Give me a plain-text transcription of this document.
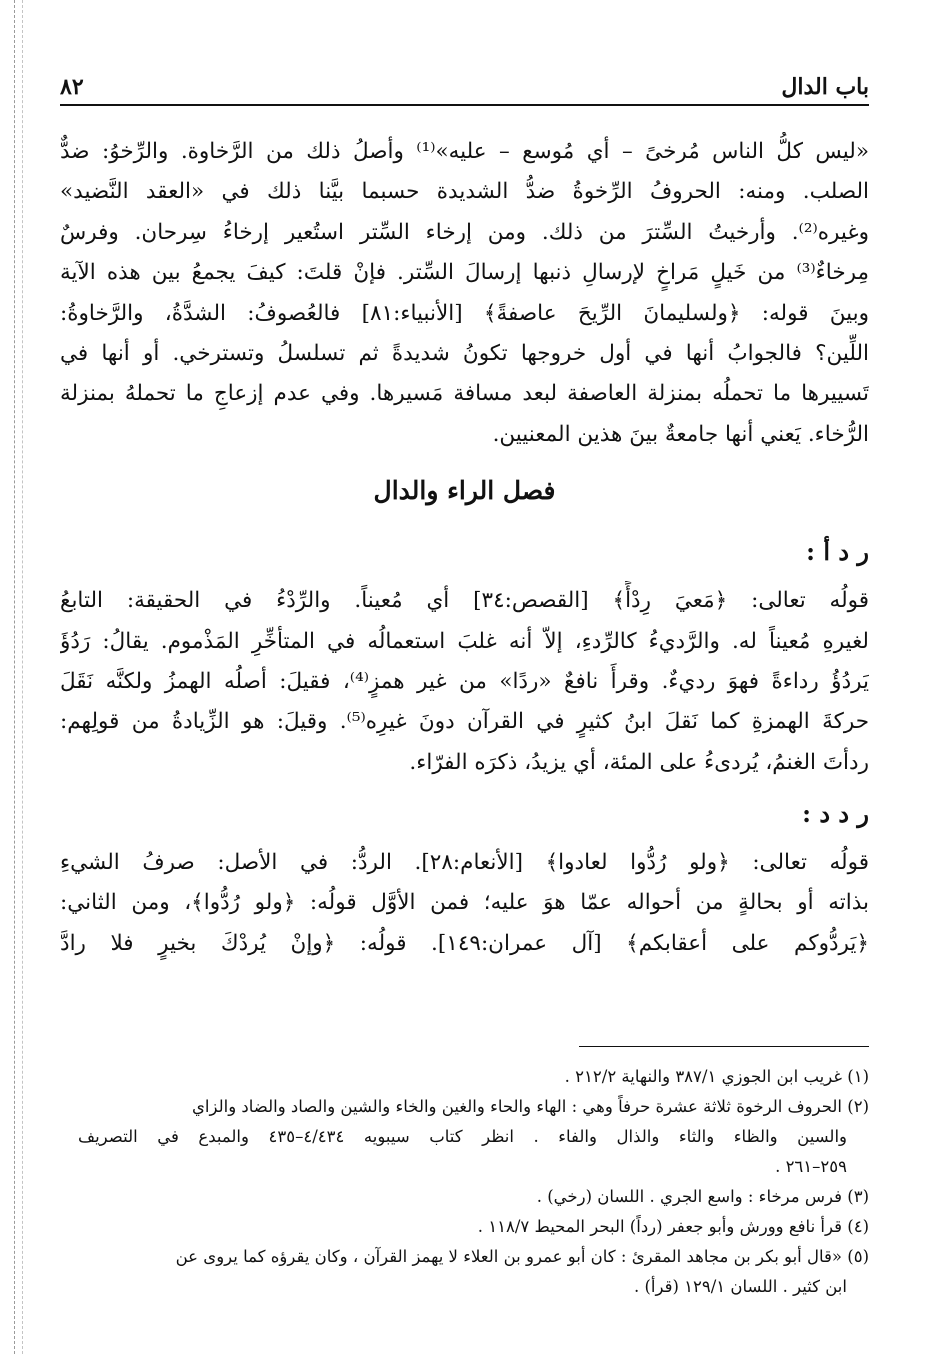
باب الدال
٨٢
«ليس كلُّ الناس مُرخىً – أي مُوسع – عليه»⁽¹⁾ وأصلُ ذلك من الرَّخاوة. والرِّخوُ: ضدٌّ
الصلب. ومنه: الحروفُ الرِّخوةُ ضدُّ الشديدة حسبما بيَّنا ذلك في «العقد النَّضيد»
وغيره⁽²⁾. وأرخيتُ السِّترَ من ذلك. ومن إرخاء السِّتر استُعير إرخاءُ سِرحان. وفرسٌ
مِرخاءٌ⁽³⁾ من خَيلٍ مَراخٍ لإرسالِ ذنبها إرسالَ السِّتر. فإنْ قلتَ: كيفَ يجمعُ بين هذه الآية
وبينَ قوله: ﴿ولسليمانَ الرِّيحَ عاصفةً﴾ [الأنبياء:٨١] فالعُصوفُ: الشدَّةُ، والرَّخاوةُ:
اللِّين؟ فالجوابُ أنها في أول خروجها تكونُ شديدةً ثم تسلسلُ وتسترخي. أو أنها في
تَسييرها ما تحملُه بمنزلة العاصفة لبعد مسافة مَسيرها. وفي عدم إزعاجِ ما تحملهُ بمنزلة
الرُّخاء. يَعني أنها جامعةٌ بينَ هذين المعنيين.
فصل الراء والدال
ر د أ :
قولُه تعالى: ﴿مَعيَ رِدْأً﴾ [القصص:٣٤] أي مُعيناً. والرِّدْءُ في الحقيقة: التابعُ
لغيرهِ مُعيناً له. والرَّديءُ كالرِّدءِ، إلاّ أنه غلبَ استعمالُه في المتأخِّرِ المَذْموم. يقالُ: رَدُؤَ
يَردُؤُ رداءةً فهوَ رديءٌ. وقرأَ نافعٌ «ردًا» من غير همزٍ⁽⁴⁾، فقيلَ: أصلُه الهمزُ ولكنَّه نَقَلَ
حركةَ الهمزةِ كما نَقلَ ابنُ كثيرٍ في القرآن دونَ غيرِه⁽⁵⁾. وقيلَ: هو الزِّيادةُ من قولِهم:
ردأتَ الغنمُ، يُردىءُ على المئة، أي يزيدُ، ذكرَه الفرّاء.
ر د د :
قولُه تعالى: ﴿ولو رُدُّوا لعادوا﴾ [الأنعام:٢٨]. الردُّ: في الأصل: صرفُ الشيءِ
بذاته أو بحالةٍ من أحواله عمّا هوَ عليه؛ فمن الأوَّل قولُه: ﴿ولو رُدُّوا﴾، ومن الثاني:
﴿يَردُّوكم على أعقابكم﴾ [آل عمران:١٤٩]. قولُه: ﴿وإنْ يُردْكَ بخيرٍ فلا رادَّ
(١) غريب ابن الجوزي ٣٨٧/١ والنهاية ٢١٢/٢ .
(٢) الحروف الرخوة ثلاثة عشرة حرفاً وهي : الهاء والحاء والغين والخاء والشين والصاد والضاد والزاي
والسين والظاء والثاء والذال والفاء . انظر كتاب سيبويه ٤/٤٣٤–٤٣٥ والمبدع في التصريف
٢٥٩–٢٦١ .
(٣) فرس مرخاء : واسع الجري . اللسان (رخي) .
(٤) قرأ نافع وورش وأبو جعفر (رداً) البحر المحيط ١١٨/٧ .
(٥) «قال أبو بكر بن مجاهد المقرئ : كان أبو عمرو بن العلاء لا يهمز القرآن ، وكان يقرؤه كما يروى عن
ابن كثير . اللسان ١٢٩/١ (قرأ) .
